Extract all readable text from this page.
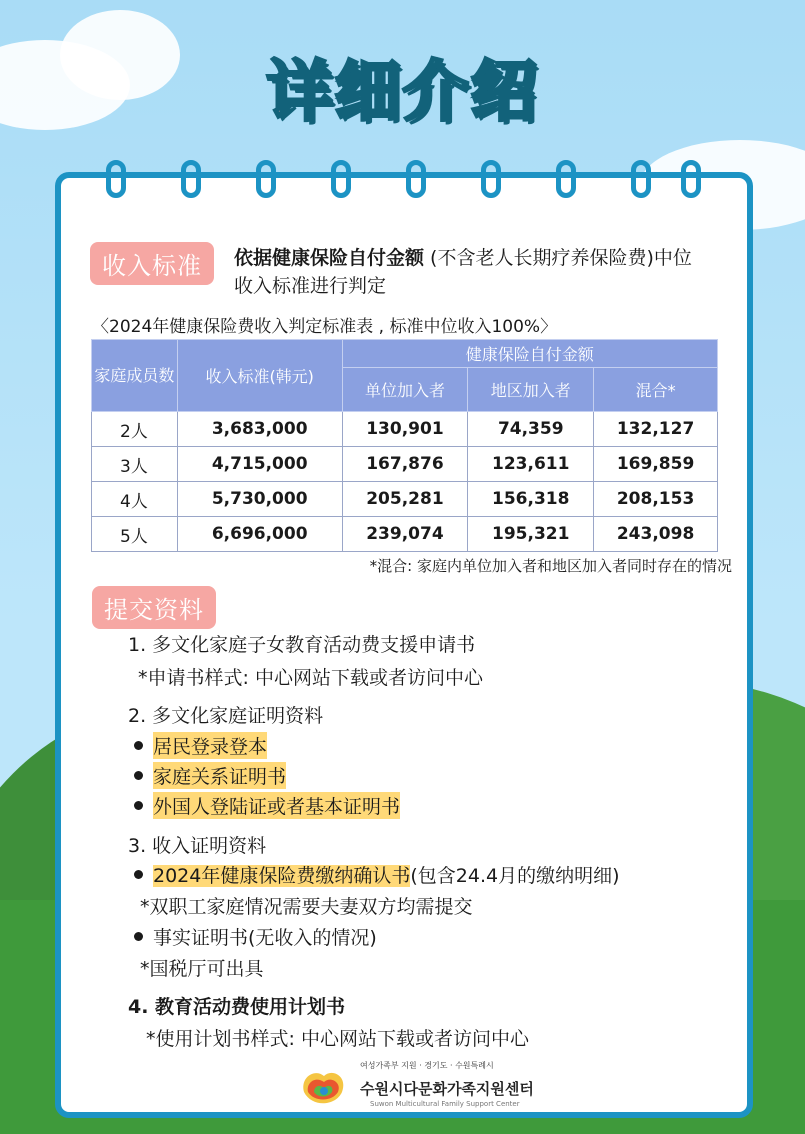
详细介绍
收入标准	依据健康保险自付金额 (不含老人长期疗养保险费)中位
收入标准进行判定
〈2024年健康保险费收入判定标准表 , 标准中位收入100%〉
家庭成员数	收入标准(韩元)	健康保险自付金额		
		单位加入者	地区加入者	混合*
2人	3,683,000	130,901	74,359	132,127
3人	4,715,000	167,876	123,611	169,859
4人	5,730,000	205,281	156,318	208,153
5人	6,696,000	239,074	195,321	243,098
*混合: 家庭内单位加入者和地区加入者同时存在的情况
提交资料
1. 多文化家庭子女教育活动费支援申请书
*申请书样式: 中心网站下载或者访问中心
2. 多文化家庭证明资料
居民登录登本
家庭关系证明书
外国人登陆证或者基本证明书
3. 收入证明资料
2024年健康保险费缴纳确认书(包含24.4月的缴纳明细)
*双职工家庭情况需要夫妻双方均需提交
事实证明书(无收入的情况)
*国税厅可出具
4. 教育活动费使用计划书
*使用计划书样式: 中心网站下载或者访问中心
여성가족부 지원 · 경기도 · 수원특례시
수원시다문화가족지원센터
Suwon Multicultural Family Support Center
